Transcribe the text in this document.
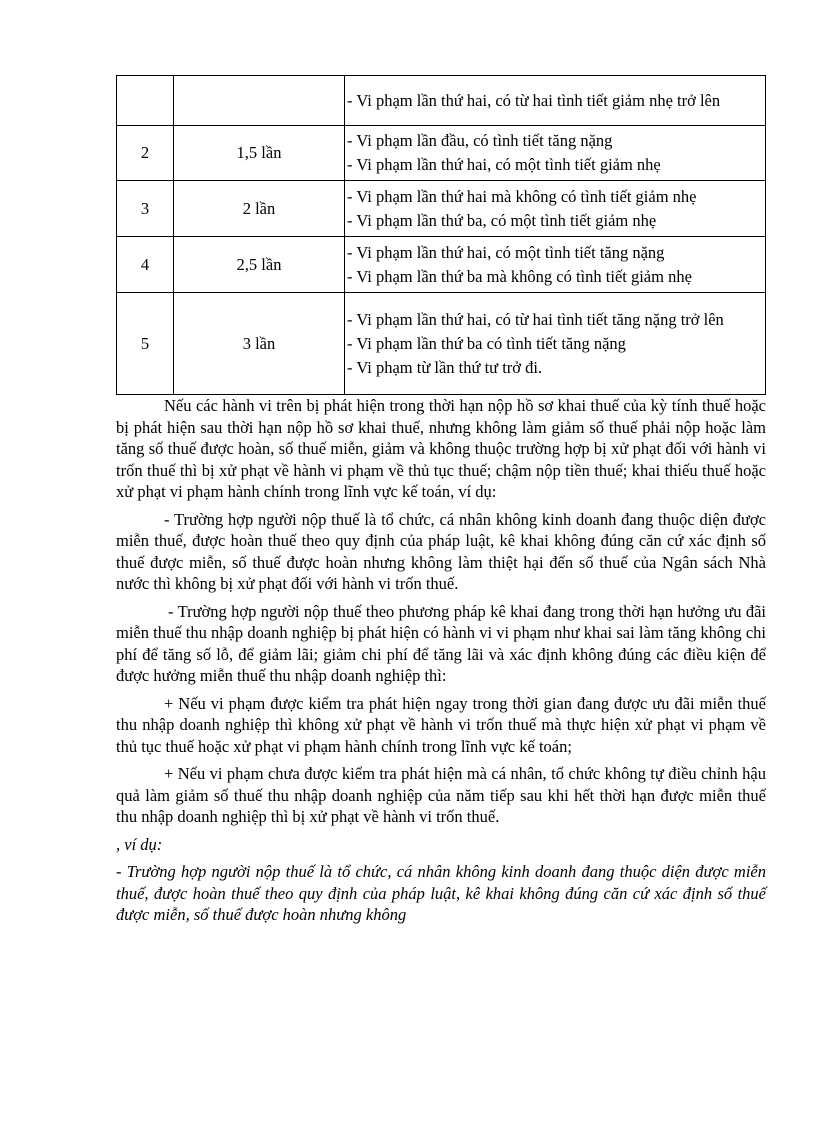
		- Vi phạm lần thứ hai, có từ hai tình tiết giảm nhẹ trở lên

2	1,5 lần	- Vi phạm lần đầu, có tình tiết tăng nặng
- Vi phạm lần thứ hai, có một tình tiết giảm nhẹ

3	2 lần	- Vi phạm lần thứ hai mà không có tình tiết giảm nhẹ
- Vi phạm lần thứ ba, có một tình tiết giảm nhẹ

4	2,5 lần	- Vi phạm lần thứ hai, có một tình tiết tăng nặng
- Vi phạm lần thứ ba mà không có tình tiết giảm nhẹ

5	3 lần	- Vi phạm lần thứ hai, có từ hai tình tiết tăng nặng trở lên
- Vi phạm lần thứ ba có tình tiết tăng nặng
- Vi phạm từ lần thứ tư trở đi.

Nếu các hành vi trên bị phát hiện trong thời hạn nộp hồ sơ khai thuế của kỳ tính thuế hoặc bị phát hiện sau thời hạn nộp hồ sơ khai thuế, nhưng không làm giảm số thuế phải nộp hoặc làm tăng số thuế được hoàn, số thuế miễn, giảm và không thuộc trường hợp bị xử phạt đối với hành vi trốn thuế thì bị xử phạt về hành vi phạm về thủ tục thuế; chậm nộp tiền thuế; khai thiếu thuế hoặc xử phạt vi phạm hành chính trong lĩnh vực kế toán, ví dụ:

- Trường hợp người nộp thuế là tổ chức, cá nhân không kinh doanh đang thuộc diện được miễn thuế, được hoàn thuế theo quy định của pháp luật, kê khai không đúng căn cứ xác định số thuế được miễn, số thuế được hoàn nhưng không làm thiệt hại đến số thuế của Ngân sách Nhà nước thì không bị xử phạt đối với hành vi trốn thuế.

- Trường hợp người nộp thuế theo phương pháp kê khai đang trong thời hạn hưởng ưu đãi miễn thuế thu nhập doanh nghiệp bị phát hiện có hành vi vi phạm như khai sai làm tăng không chi phí để tăng số lỗ, để giảm lãi; giảm chi phí để tăng lãi và xác định không đúng các điều kiện để được hưởng miễn thuế thu nhập doanh nghiệp thì:

+ Nếu vi phạm được kiểm tra phát hiện ngay trong thời gian đang được ưu đãi miễn thuế thu nhập doanh nghiệp thì không xử phạt về hành vi trốn thuế mà thực hiện xử phạt vi phạm về thủ tục thuế hoặc xử phạt vi phạm hành chính trong lĩnh vực kế toán;

+ Nếu vi phạm chưa được kiểm tra phát hiện mà cá nhân, tổ chức không tự điều chỉnh hậu quả làm giảm số thuế thu nhập doanh nghiệp của năm tiếp sau khi hết thời hạn được miễn thuế thu nhập doanh nghiệp thì bị xử phạt về hành vi trốn thuế.

, ví dụ:

- Trường hợp người nộp thuế là tổ chức, cá nhân không kinh doanh đang thuộc diện được miễn thuế, được hoàn thuế theo quy định của pháp luật, kê khai không đúng căn cứ xác định số thuế được miễn, số thuế được hoàn nhưng không
